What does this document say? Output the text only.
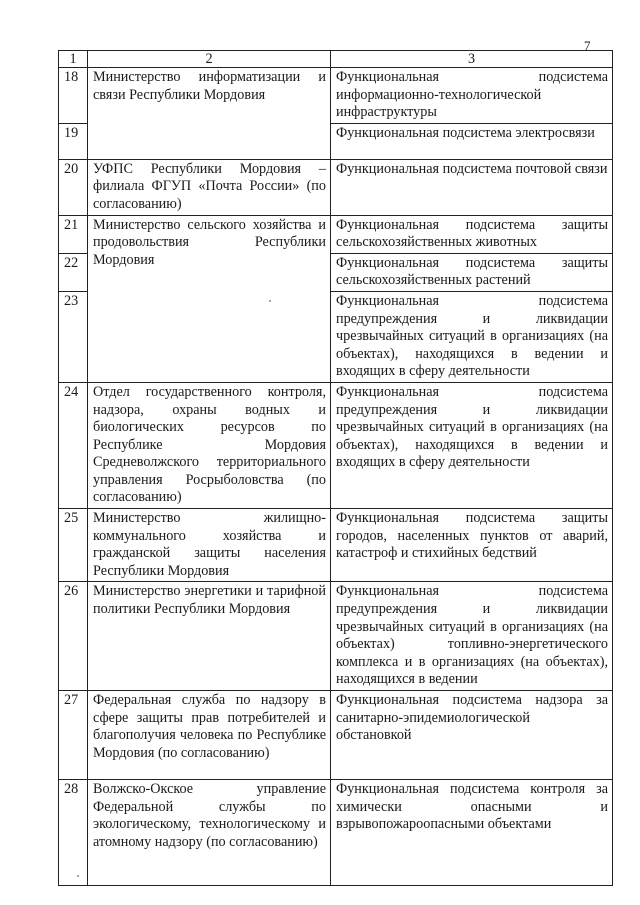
7
1	2	3
18	Министерство информатизации и связи Республики Мордовия	Функциональная подсистема информационно-технологической инфраструктуры
19		Функциональная подсистема электросвязи
20	УФПС Республики Мордовия – филиала ФГУП «Почта России» (по согласованию)	Функциональная подсистема почтовой связи
21	Министерство сельского хозяйства и продовольствия Республики Мордовия	Функциональная подсистема защиты сельскохозяйственных животных
22		Функциональная подсистема защиты сельскохозяйственных растений
23		Функциональная подсистема предупреждения и ликвидации чрезвычайных ситуаций в организациях (на объектах), находящихся в ведении и входящих в сферу деятельности
24	Отдел государственного контроля, надзора, охраны водных и биологических ресурсов по Республике Мордовия Средневолжского территориального управления Росрыболовства (по согласованию)	Функциональная подсистема предупреждения и ликвидации чрезвычайных ситуаций в организациях (на объектах), находящихся в ведении и входящих в сферу деятельности
25	Министерство жилищно-коммунального хозяйства и гражданской защиты населения Республики Мордовия	Функциональная подсистема защиты городов, населенных пунктов от аварий, катастроф и стихийных бедствий
26	Министерство энергетики и тарифной политики Республики Мордовия	Функциональная подсистема предупреждения и ликвидации чрезвычайных ситуаций в организациях (на объектах) топливно-энергетического комплекса и в организациях (на объектах), находящихся в ведении
27	Федеральная служба по надзору в сфере защиты прав потребителей и благополучия человека по Республике Мордовия (по согласованию)	Функциональная подсистема надзора за санитарно-эпидемиологической обстановкой
28	Волжско-Окское управление Федеральной службы по экологическому, технологическому и атомному надзору (по согласованию)	Функциональная подсистема контроля за химически опасными и взрывопожароопасными объектами
